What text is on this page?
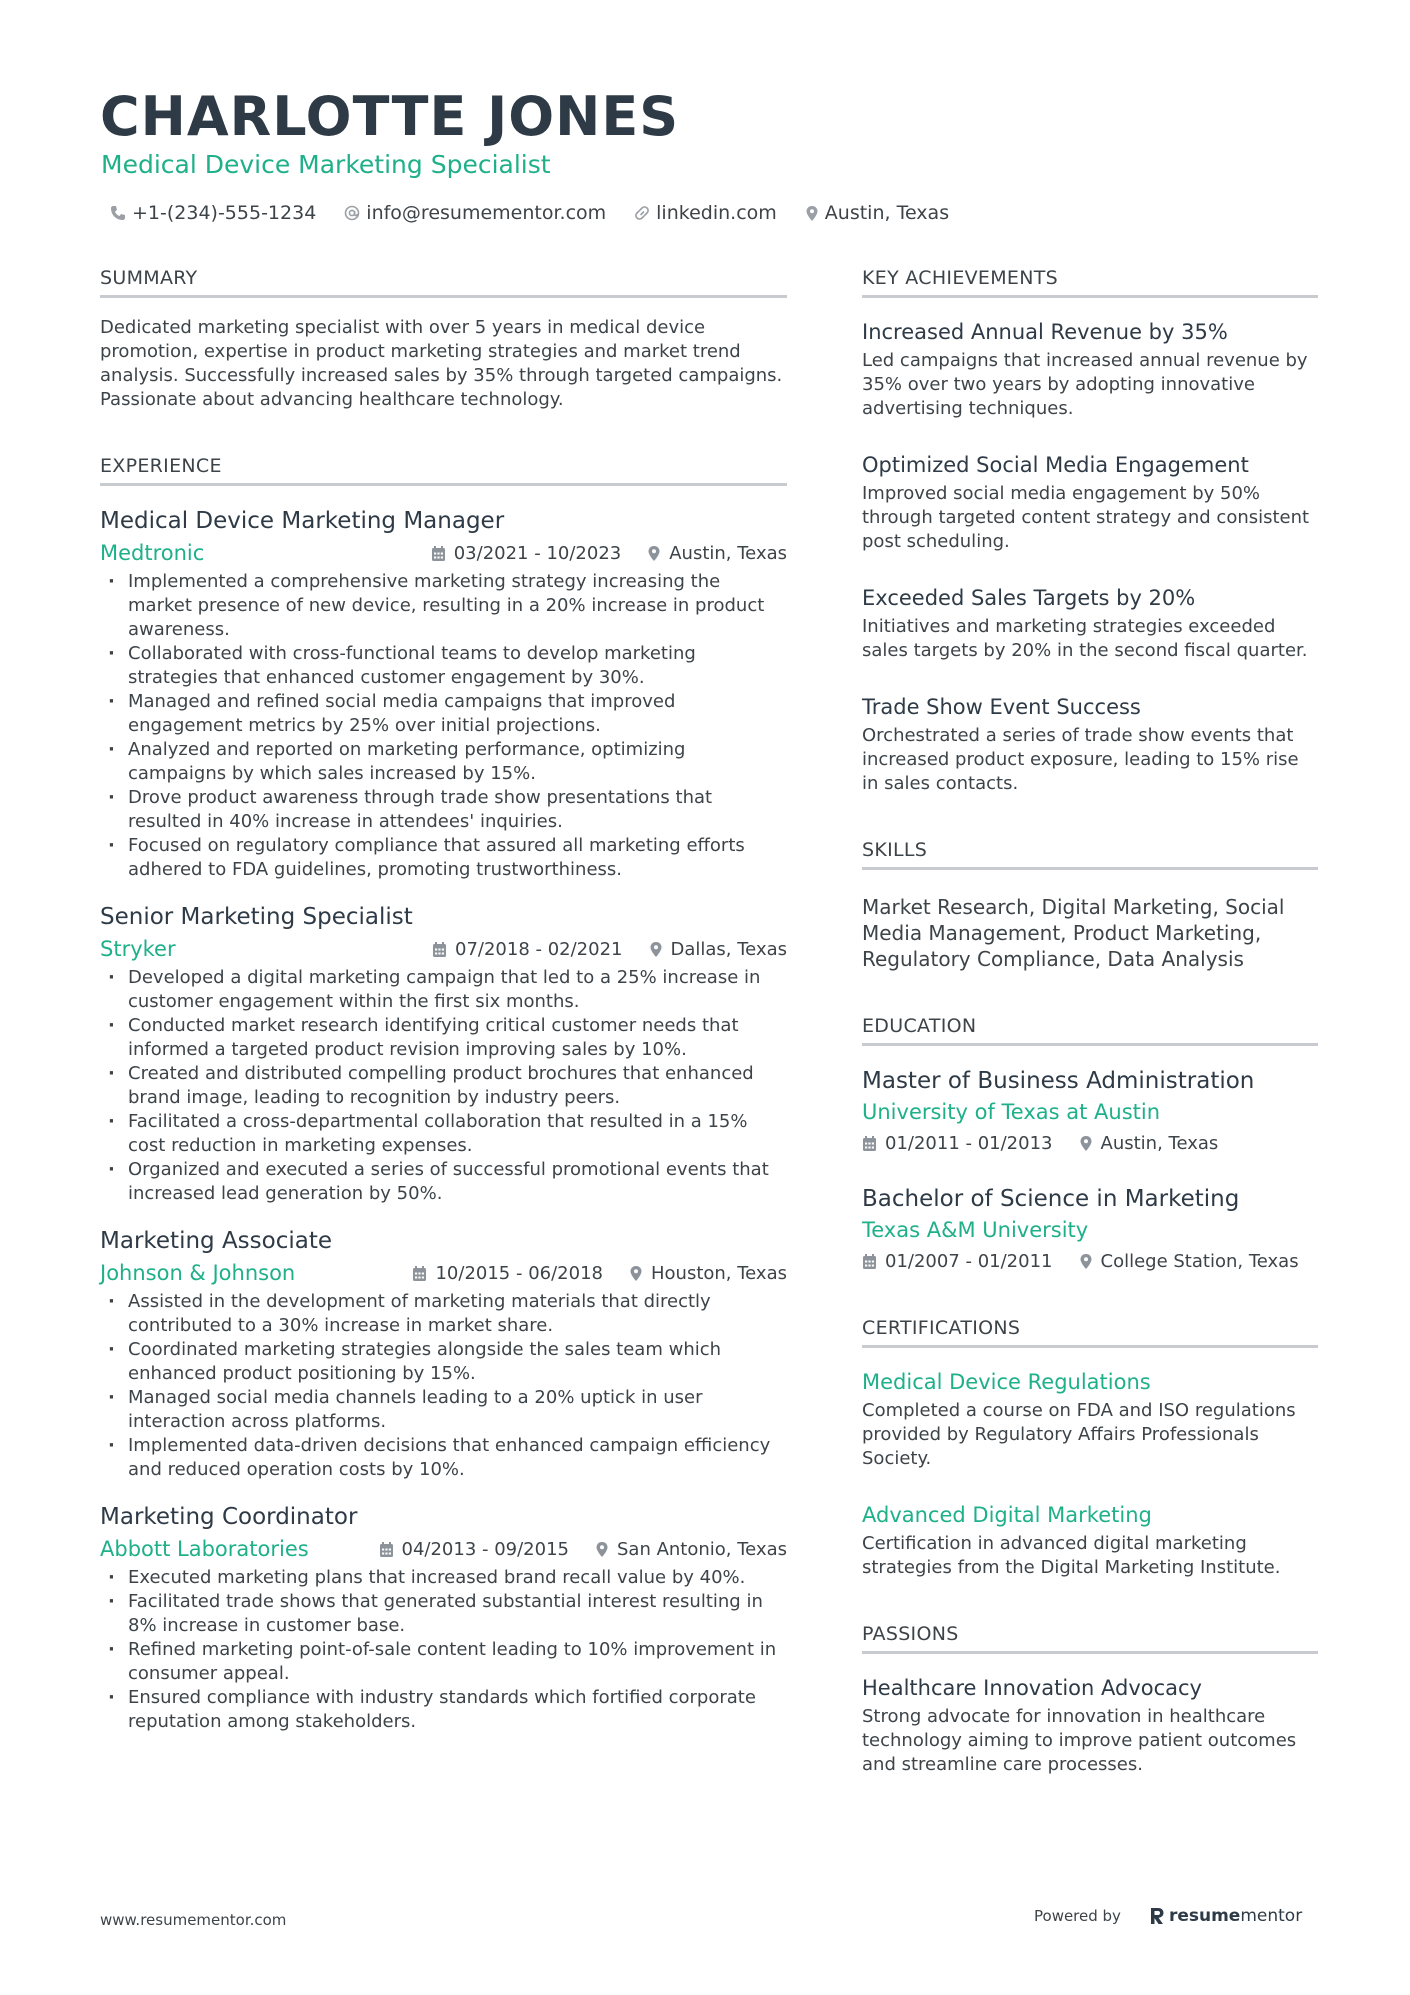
CHARLOTTE JONES
Medical Device Marketing Specialist
+1-(234)-555-1234	info@resumementor.com	linkedin.com	Austin, Texas
SUMMARY
Dedicated marketing specialist with over 5 years in medical device promotion, expertise in product marketing strategies and market trend analysis. Successfully increased sales by 35% through targeted campaigns. Passionate about advancing healthcare technology.
EXPERIENCE
Medical Device Marketing Manager
Medtronic	03/2021 - 10/2023	Austin, Texas
· Implemented a comprehensive marketing strategy increasing the market presence of new device, resulting in a 20% increase in product awareness.
· Collaborated with cross-functional teams to develop marketing strategies that enhanced customer engagement by 30%.
· Managed and refined social media campaigns that improved engagement metrics by 25% over initial projections.
· Analyzed and reported on marketing performance, optimizing campaigns by which sales increased by 15%.
· Drove product awareness through trade show presentations that resulted in 40% increase in attendees' inquiries.
· Focused on regulatory compliance that assured all marketing efforts adhered to FDA guidelines, promoting trustworthiness.
Senior Marketing Specialist
Stryker	07/2018 - 02/2021	Dallas, Texas
· Developed a digital marketing campaign that led to a 25% increase in customer engagement within the first six months.
· Conducted market research identifying critical customer needs that informed a targeted product revision improving sales by 10%.
· Created and distributed compelling product brochures that enhanced brand image, leading to recognition by industry peers.
· Facilitated a cross-departmental collaboration that resulted in a 15% cost reduction in marketing expenses.
· Organized and executed a series of successful promotional events that increased lead generation by 50%.
Marketing Associate
Johnson & Johnson	10/2015 - 06/2018	Houston, Texas
· Assisted in the development of marketing materials that directly contributed to a 30% increase in market share.
· Coordinated marketing strategies alongside the sales team which enhanced product positioning by 15%.
· Managed social media channels leading to a 20% uptick in user interaction across platforms.
· Implemented data-driven decisions that enhanced campaign efficiency and reduced operation costs by 10%.
Marketing Coordinator
Abbott Laboratories	04/2013 - 09/2015	San Antonio, Texas
· Executed marketing plans that increased brand recall value by 40%.
· Facilitated trade shows that generated substantial interest resulting in 8% increase in customer base.
· Refined marketing point-of-sale content leading to 10% improvement in consumer appeal.
· Ensured compliance with industry standards which fortified corporate reputation among stakeholders.
KEY ACHIEVEMENTS
Increased Annual Revenue by 35%
Led campaigns that increased annual revenue by 35% over two years by adopting innovative advertising techniques.
Optimized Social Media Engagement
Improved social media engagement by 50% through targeted content strategy and consistent post scheduling.
Exceeded Sales Targets by 20%
Initiatives and marketing strategies exceeded sales targets by 20% in the second fiscal quarter.
Trade Show Event Success
Orchestrated a series of trade show events that increased product exposure, leading to 15% rise in sales contacts.
SKILLS
Market Research, Digital Marketing, Social Media Management, Product Marketing, Regulatory Compliance, Data Analysis
EDUCATION
Master of Business Administration
University of Texas at Austin
01/2011 - 01/2013	Austin, Texas
Bachelor of Science in Marketing
Texas A&M University
01/2007 - 01/2011	College Station, Texas
CERTIFICATIONS
Medical Device Regulations
Completed a course on FDA and ISO regulations provided by Regulatory Affairs Professionals Society.
Advanced Digital Marketing
Certification in advanced digital marketing strategies from the Digital Marketing Institute.
PASSIONS
Healthcare Innovation Advocacy
Strong advocate for innovation in healthcare technology aiming to improve patient outcomes and streamline care processes.
www.resumementor.com	Powered by	resume mentor
